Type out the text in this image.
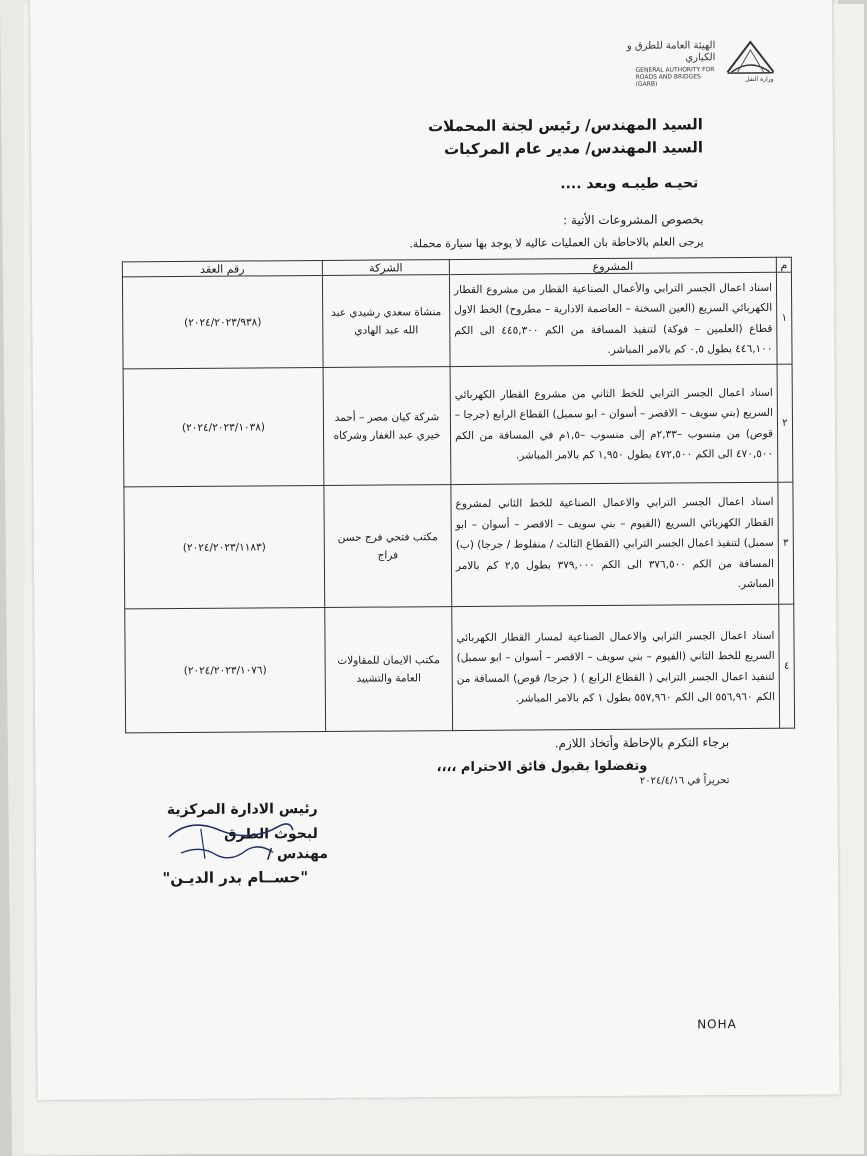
الهيئة العامة للطرق و الكباري
GENERAL AUTHORITY FOR ROADS AND BRIDGES (GARB)
وزارة النقل
السيد المهندس/ رئيس لجنة المحملات
السيد المهندس/ مدير عام المركبات
تحيـه طيبـه وبعد ....
بخصوص المشروعات الأتية :
يرجى العلم بالاحاطة بان العمليات عاليه لا يوجد بها سيارة محملة.
م	المشروع	الشركة	رقم العقد
١	اسناد اعمال الجسر الترابي والأعمال الصناعية القطار من مشروع القطار الكهربائي السريع (العين السخنة – العاصمة الادارية – مطروح) الخط الاول قطاع (العلمين – فوكة) لتنفيذ المسافة من الكم ٤٤٥,٣٠٠ الى الكم ٤٤٦,١٠٠ بطول ٠,٥ كم بالامر المباشر.	منشاة سعدي رشيدي عبد الله عبد الهادي	(٢٠٢٤/٢٠٢٣/٩٣٨)
٢	اسناد اعمال الجسر الترابي للخط الثاني من مشروع القطار الكهربائي السريع (بني سويف – الاقصر – أسوان – ابو سمبل) القطاع الرابع (جرجا – قوص) من منسوب –٢,٣٣م إلى منسوب –١,٥م في المسافة من الكم ٤٧٠,٥٠٠ الى الكم ٤٧٢,٥٠٠ بطول ١,٩٥٠ كم بالامر المباشر.	شركة كيان مصر – أحمد خيري عبد الغفار وشركاه	(٢٠٢٤/٢٠٢٣/١٠٣٨)
٣	اسناد اعمال الجسر الترابي والاعمال الصناعية للخط الثاني لمشروع القطار الكهربائي السريع (الفيوم – بني سويف – الاقصر – أسوان – ابو سمبل) لتنفيذ اعمال الجسر الترابي (القطاع الثالث / منفلوط / جرجا) (ب) المسافة من الكم ٣٧٦,٥٠٠ الى الكم ٣٧٩,٠٠٠ بطول ٢,٥ كم بالامر المباشر.	مكتب فتحي فرج حسن فراج	(٢٠٢٤/٢٠٢٣/١١٨٣)
٤	اسناد اعمال الجسر الترابي والاعمال الصناعية لمسار القطار الكهربائي السريع للخط الثاني (الفيوم – بني سويف – الاقصر – أسوان – ابو سمبل) لتنفيذ اعمال الجسر الترابي ( القطاع الرابع ) ( جرجا/ قوص) المسافة من الكم ٥٥٦,٩٦٠ الى الكم ٥٥٧,٩٦٠ بطول ١ كم بالامر المباشر.	مكتب الايمان للمقاولات العامة والتشييد	(٢٠٢٤/٢٠٢٣/١٠٧٦)
برجاء التكرم بالإحاطة وأتخاذ اللازم.
وتفضلوا بقبول فائق الاحترام ،،،،
تحريراً في ٢٠٢٤/٤/١٦
رئيس الادارة المركزية
لبحوث الطرق
مهندس /
"حســام بدر الديـن"
NOHA
